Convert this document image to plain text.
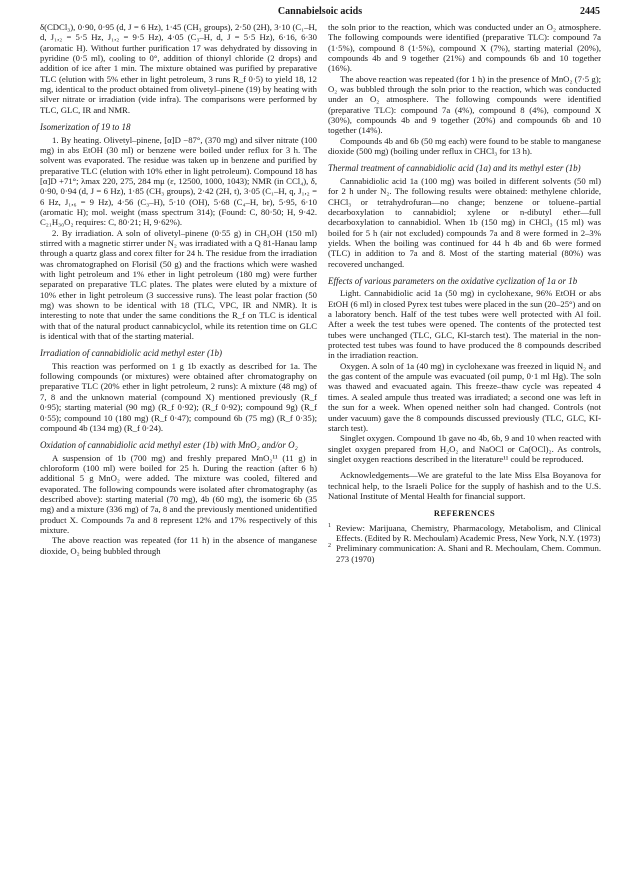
Cannabielsoic acids	2445

δ(CDCl₃), 0·90, 0·95 (d, J = 6 Hz), 1·45 (CH₃ groups), 2·50 (2H), 3·10 (C₁–H, d, J₁,₂ = 5·5 Hz, J₁,₂ = 9·5 Hz), 4·05 (C₃–H, d, J = 5·5 Hz), 6·16, 6·30 (aromatic H). Without further purification 17 was dehydrated by dissoving in pyridine (0·5 ml), cooling to 0°, addition of thionyl chloride (2 drops) and addition of ice after 1 min. The mixture obtained was purified by preparative TLC (elution with 5% ether in light petroleum, 3 runs R_f 0·5) to yield 18, 12 mg, identical to the product obtained from olivetyl–pinene (19) by heating with silver nitrate or irradiation (vide infra). The comparisons were performed by TLC, GLC, IR and NMR.

Isomerization of 19 to 18

1. By heating. Olivetyl–pinene, [α]D −87°, (370 mg) and silver nitrate (100 mg) in abs EtOH (30 ml) or benzene were boiled under reflux for 3 h. The solvent was evaporated. The residue was taken up in benzene and purified by preparative TLC (elution with 10% ether in light petroleum). Compound 18 has [α]D +71°; λmax 220, 275, 284 mμ (ε, 12500, 1000, 1043); NMR (in CCl₄), δ, 0·90, 0·94 (d, J = 6 Hz), 1·85 (CH₃ groups), 2·42 (2H, t), 3·05 (C₁–H, q, J₁,₂ = 6 Hz, J₁,₆ = 9 Hz), 4·56 (C₃–H), 5·10 (OH), 5·68 (C₄–H, br), 5·95, 6·10 (aromatic H); mol. weight (mass spectrum 314); (Found: C, 80·50; H, 9·42. C₂₁H₃₀O₂ requires: C, 80·21; H, 9·62%).

2. By irradiation. A soln of olivetyl–pinene (0·55 g) in CH₃OH (150 ml) stirred with a magnetic stirrer under N₂ was irradiated with a Q 81-Hanau lamp through a quartz glass and corex filter for 24 h. The residue from the irradiation was chromatographed on Florisil (50 g) and the fractions which were washed with light petroleum and 1% ether in light petroleum (180 mg) were further separated on preparative TLC plates. The plates were eluted by a mixture of 10% ether in light petroleum (3 successive runs). The least polar fraction (50 mg) was shown to be identical with 18 (TLC, VPC, IR and NMR). It is interesting to note that under the same conditions the R_f on TLC is identical with that of the natural product cannabicyclol, while its retention time on GLC is identical with that of the starting material.

Irradiation of cannabidiolic acid methyl ester (1b)

This reaction was performed on 1 g 1b exactly as described for 1a. The following compounds (or mixtures) were obtained after chromatography on preparative TLC (20% ether in light petroleum, 2 runs): A mixture (48 mg) of 7, 8 and the unknown material (compound X) mentioned previously (R_f 0·95); starting material (90 mg) (R_f 0·92); (R_f 0·92); compound 9g) (R_f 0·55); compound 10 (180 mg) (R_f 0·47); compound 6b (75 mg) (R_f 0·35); compound 4b (134 mg) (R_f 0·24).

Oxidation of cannabidiolic acid methyl ester (1b) with MnO₂ and/or O₂

A suspension of 1b (700 mg) and freshly prepared MnO₂¹¹ (11 g) in chloroform (100 ml) were boiled for 25 h. During the reaction (after 6 h) additional 5 g MnO₂ were added. The mixture was cooled, filtered and evaporated. The following compounds were isolated after chromatography (as described above): starting material (70 mg), 4b (60 mg), the isomeric 6b (35 mg) and a mixture (336 mg) of 7a, 8 and the previously mentioned unidentified product X. Compounds 7a and 8 represent 12% and 17% respectively of this mixture.

The above reaction was repeated (for 11 h) in the absence of manganese dioxide, O₂ being bubbled through

the soln prior to the reaction, which was conducted under an O₂ atmosphere. The following compounds were identified (preparative TLC): compound 7a (1·5%), compound 8 (1·5%), compound X (7%), starting material (20%), compounds 4b and 9 together (21%) and compounds 6b and 10 together (16%).

The above reaction was repeated (for 1 h) in the presence of MnO₂ (7·5 g); O₂ was bubbled through the soln prior to the reaction, which was conducted under an O₂ atmosphere. The following compounds were identified (preparative TLC): compound 7a (4%), compound 8 (4%), compound X (30%), compounds 4b and 9 together (20%) and compounds 6b and 10 together (14%).

Compounds 4b and 6b (50 mg each) were found to be stable to manganese dioxide (500 mg) (boiling under reflux in CHCl₃ for 13 h).

Thermal treatment of cannabidiolic acid (1a) and its methyl ester (1b)

Cannabidiolic acid 1a (100 mg) was boiled in different solvents (50 ml) for 2 h under N₂. The following results were obtained: methylene chloride, CHCl₃ or tetrahydrofuran—no change; benzene or toluene–partial decarboxylation to cannabidiol; xylene or n-dibutyl ether—full decarboxylation to cannabidiol. When 1b (150 mg) in CHCl₃ (15 ml) was boiled for 5 h (air not excluded) compounds 7a and 8 were formed in 2–3% yields. When the boiling was continued for 44 h 4b and 6b were formed (TLC) in addition to 7a and 8. Most of the starting material (80%) was recovered unchanged.

Effects of various parameters on the oxidative cyclization of 1a or 1b

Light. Cannabidiolic acid 1a (50 mg) in cyclohexane, 96% EtOH or abs EtOH (6 ml) in closed Pyrex test tubes were placed in the sun (20–25°) and on a laboratory bench. Half of the test tubes were well protected with Al foil. After a week the test tubes were opened. The contents of the protected test tubes were unchanged (TLC, GLC, KI-starch test). The material in the non-protected test tubes was found to have produced the 8 compounds described in the irradiation reaction.

Oxygen. A soln of 1a (40 mg) in cyclohexane was freezed in liquid N₂ and the gas content of the ampule was evacuated (oil pump, 0·1 ml Hg). The soln was thawed and evacuated again. This freeze–thaw cycle was repeated 4 times. A sealed ampule thus treated was irradiated; a second one was left in the sun for a week. When opened neither soln had changed. Controls (not under vacuum) gave the 8 compounds discussed previously (TLC, GLC, KI-starch test).

Singlet oxygen. Compound 1b gave no 4b, 6b, 9 and 10 when reacted with singlet oxygen prepared from H₂O₂ and NaOCl or Ca(OCl)₂. As controls, singlet oxygen reactions described in the literature¹¹ could be reproduced.

Acknowledgements—We are grateful to the late Miss Elsa Boyanova for technical help, to the Israeli Police for the supply of hashish and to the U.S. National Institute of Mental Health for financial support.

REFERENCES

1 Review: Marijuana, Chemistry, Pharmacology, Metabolism, and Clinical Effects. (Edited by R. Mechoulam) Academic Press, New York, N.Y. (1973)

2 Preliminary communication: A. Shani and R. Mechoulam, Chem. Commun. 273 (1970)
